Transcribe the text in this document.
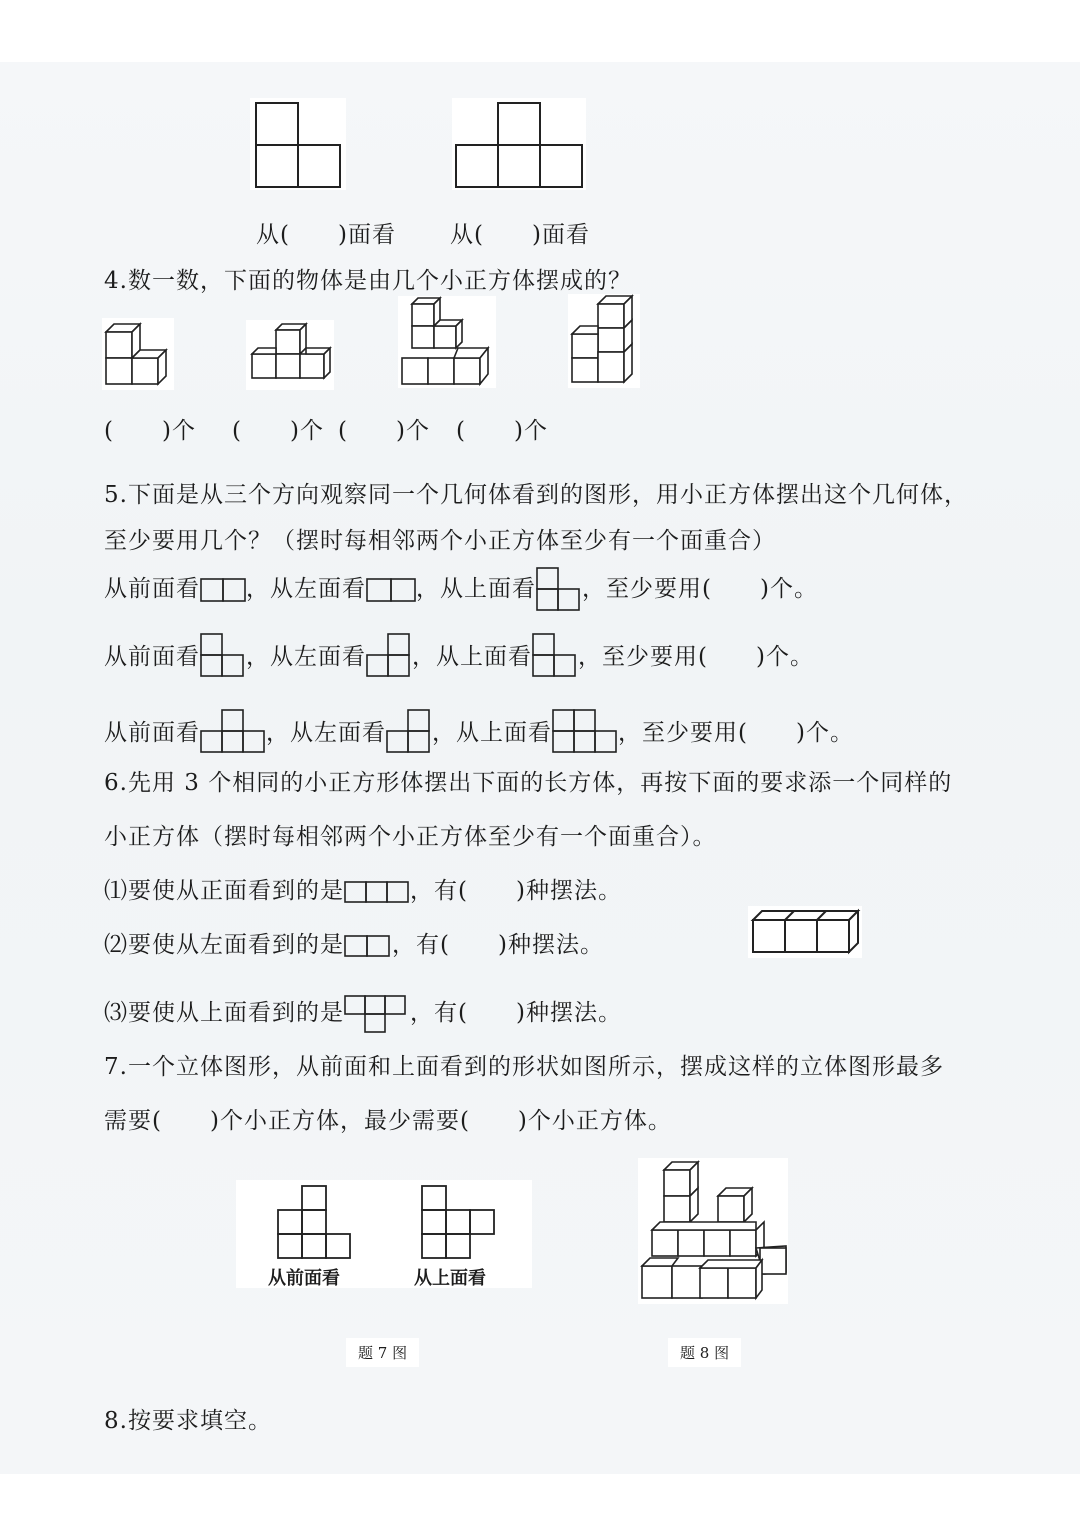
从(　　)面看 从(　　)面看
4.数一数，下面的物体是由几个小正方体摆成的？
(　　)个 (　　)个 (　　)个 (　　)个
5.下面是从三个方向观察同一个几何体看到的图形，用小正方体摆出这个几何体，
至少要用几个？（摆时每相邻两个小正方体至少有一个面重合）
从前面看 ，从左面看 ，从上面看 ，至少要用(　　)个。
从前面看 ，从左面看 ，从上面看 ，至少要用(　　)个。
从前面看	，从左面看 ，从上面看	，至少要用(　　)个。
6.先用 3 个相同的小正方形体摆出下面的长方体，再按下面的要求添一个同样的
小正方体（摆时每相邻两个小正方体至少有一个面重合）。
⑴要使从正面看到的是	，有(　　)种摆法。
⑵要使从左面看到的是 ，有(　　)种摆法。
⑶要使从上面看到的是	，有(　　)种摆法。
7.一个立体图形，从前面和上面看到的形状如图所示，摆成这样的立体图形最多
需要(　　)个小正方体，最少需要(　　)个小正方体。
从前面看	从上面看
题 7 图	题 8 图
8.按要求填空。
